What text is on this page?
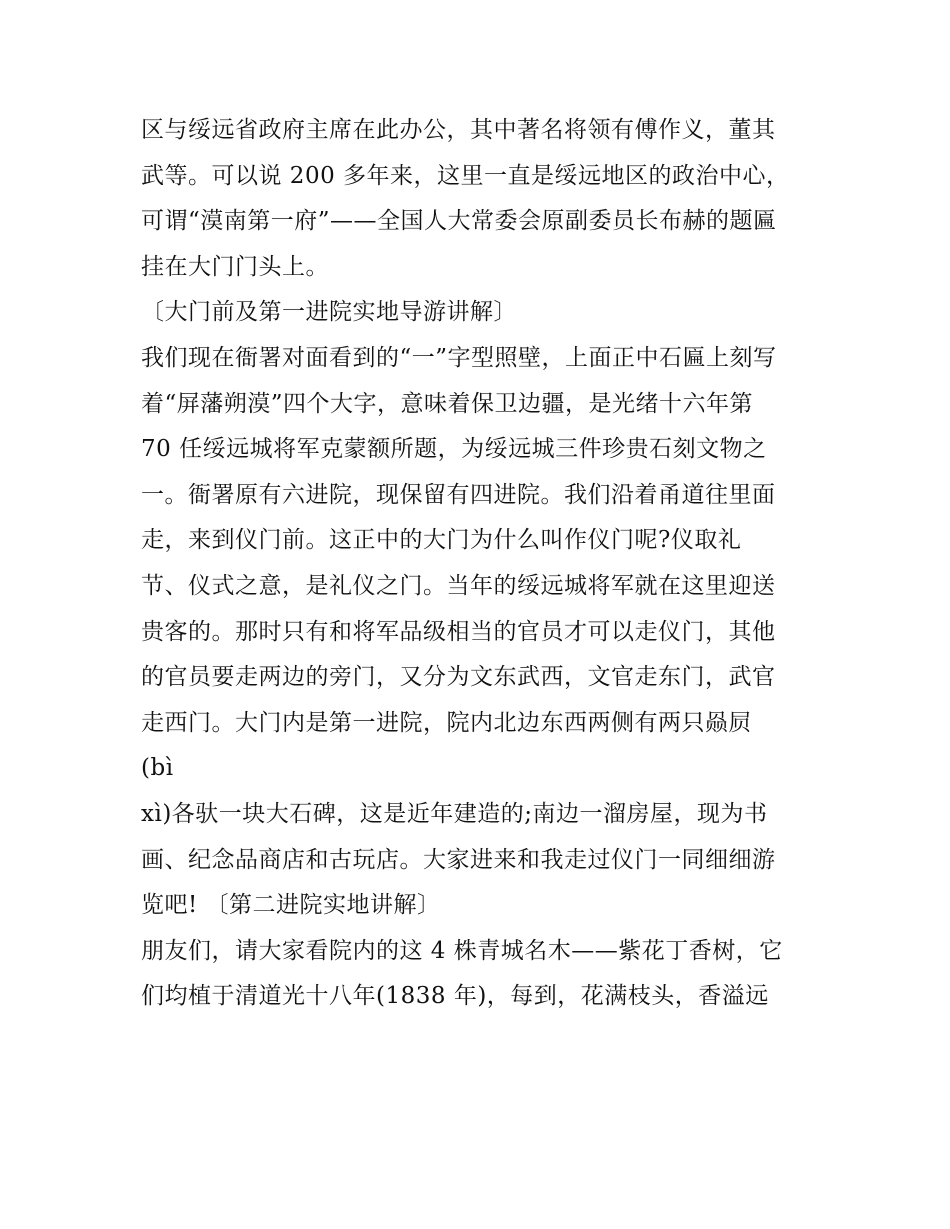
区与绥远省政府主席在此办公，其中著名将领有傅作义，董其
武等。可以说 200 多年来，这里一直是绥远地区的政治中心，
可谓“漠南第一府”——全国人大常委会原副委员长布赫的题匾
挂在大门门头上。
〔大门前及第一进院实地导游讲解〕
我们现在衙署对面看到的“一”字型照壁，上面正中石匾上刻写
着“屏藩朔漠”四个大字，意味着保卫边疆，是光绪十六年第
70 任绥远城将军克蒙额所题，为绥远城三件珍贵石刻文物之
一。衙署原有六进院，现保留有四进院。我们沿着甬道往里面
走，来到仪门前。这正中的大门为什么叫作仪门呢?仪取礼
节、仪式之意，是礼仪之门。当年的绥远城将军就在这里迎送
贵客的。那时只有和将军品级相当的官员才可以走仪门，其他
的官员要走两边的旁门，又分为文东武西，文官走东门，武官
走西门。大门内是第一进院，院内北边东西两侧有两只赑屃
(bì
xì)各驮一块大石碑，这是近年建造的;南边一溜房屋，现为书
画、纪念品商店和古玩店。大家进来和我走过仪门一同细细游
览吧! 〔第二进院实地讲解〕
朋友们，请大家看院内的这 4 株青城名木——紫花丁香树，它
们均植于清道光十八年(1838 年)，每到，花满枝头，香溢远
